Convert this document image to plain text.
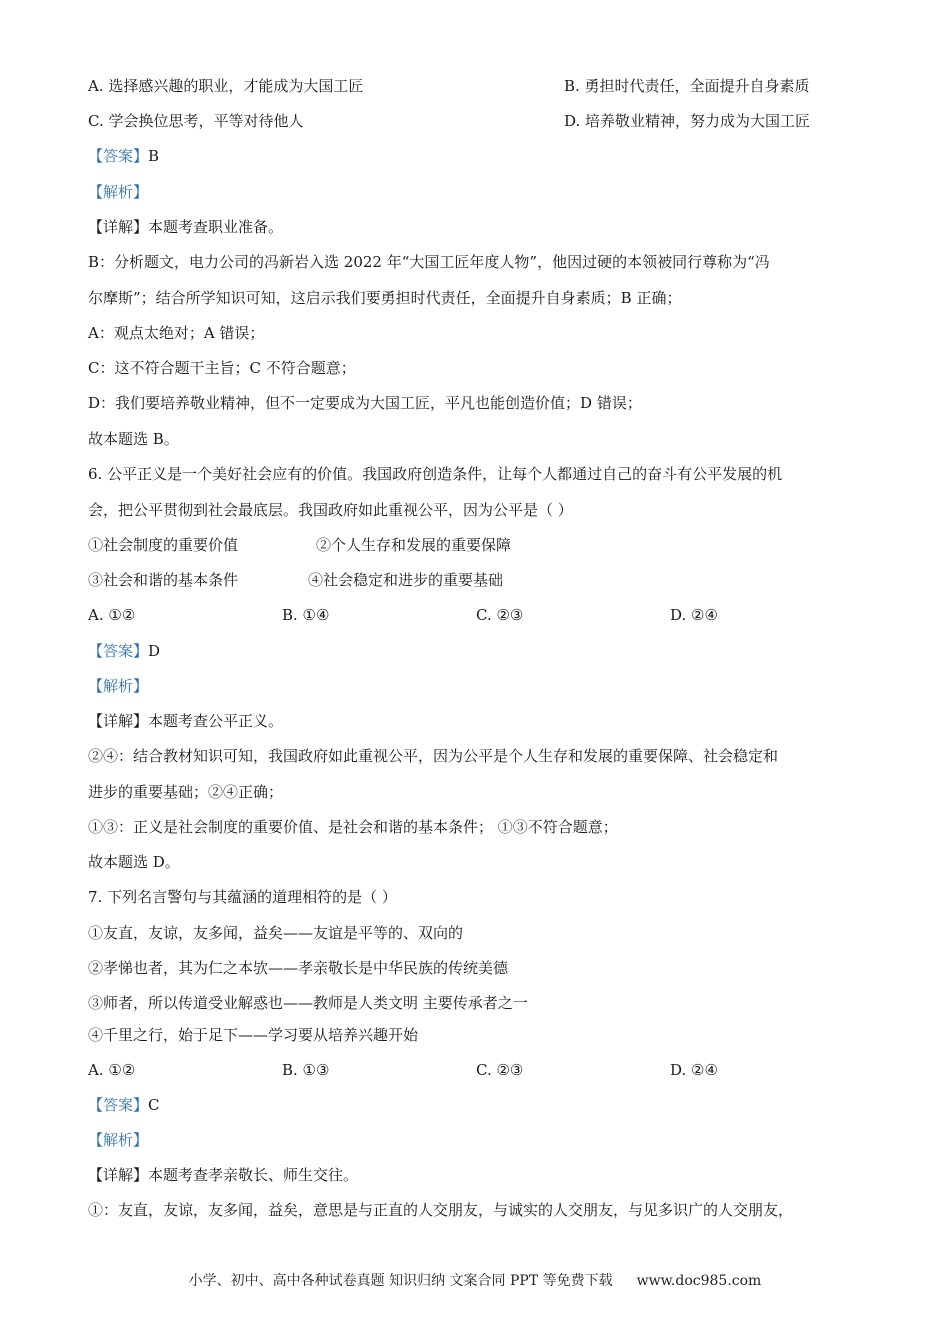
A. 选择感兴趣的职业，才能成为大国工匠	B. 勇担时代责任，全面提升自身素质
C. 学会换位思考，平等对待他人	D. 培养敬业精神，努力成为大国工匠
【答案】B
【解析】
【详解】本题考查职业准备。
B：分析题文，电力公司的冯新岩入选 2022 年“大国工匠年度人物”，他因过硬的本领被同行尊称为“冯
尔摩斯”；结合所学知识可知，这启示我们要勇担时代责任，全面提升自身素质；B 正确；
A：观点太绝对；A 错误；
C：这不符合题干主旨；C 不符合题意；
D：我们要培养敬业精神，但不一定要成为大国工匠，平凡也能创造价值；D 错误；
故本题选 B。
6. 公平正义是一个美好社会应有的价值。我国政府创造条件，让每个人都通过自己的奋斗有公平发展的机
会，把公平贯彻到社会最底层。我国政府如此重视公平，因为公平是（ ）
①社会制度的重要价值	②个人生存和发展的重要保障
③社会和谐的基本条件	④社会稳定和进步的重要基础
A. ①②	B. ①④	C. ②③	D. ②④
【答案】D
【解析】
【详解】本题考查公平正义。
②④：结合教材知识可知，我国政府如此重视公平，因为公平是个人生存和发展的重要保障、社会稳定和
进步的重要基础；②④正确；
①③：正义是社会制度的重要价值、是社会和谐的基本条件； ①③不符合题意；
故本题选 D。
7. 下列名言警句与其蕴涵的道理相符的是（ ）
①友直，友谅，友多闻，益矣——友谊是平等的、双向的
②孝悌也者，其为仁之本欤——孝亲敬长是中华民族的传统美德
③师者，所以传道受业解惑也——教师是人类文明 主要传承者之一
④千里之行，始于足下——学习要从培养兴趣开始
A. ①②	B. ①③	C. ②③	D. ②④
【答案】C
【解析】
【详解】本题考查孝亲敬长、师生交往。
①：友直，友谅，友多闻，益矣，意思是与正直的人交朋友，与诚实的人交朋友，与见多识广的人交朋友，
小学、初中、高中各种试卷真题 知识归纳 文案合同 PPT 等免费下载 www.doc985.com
